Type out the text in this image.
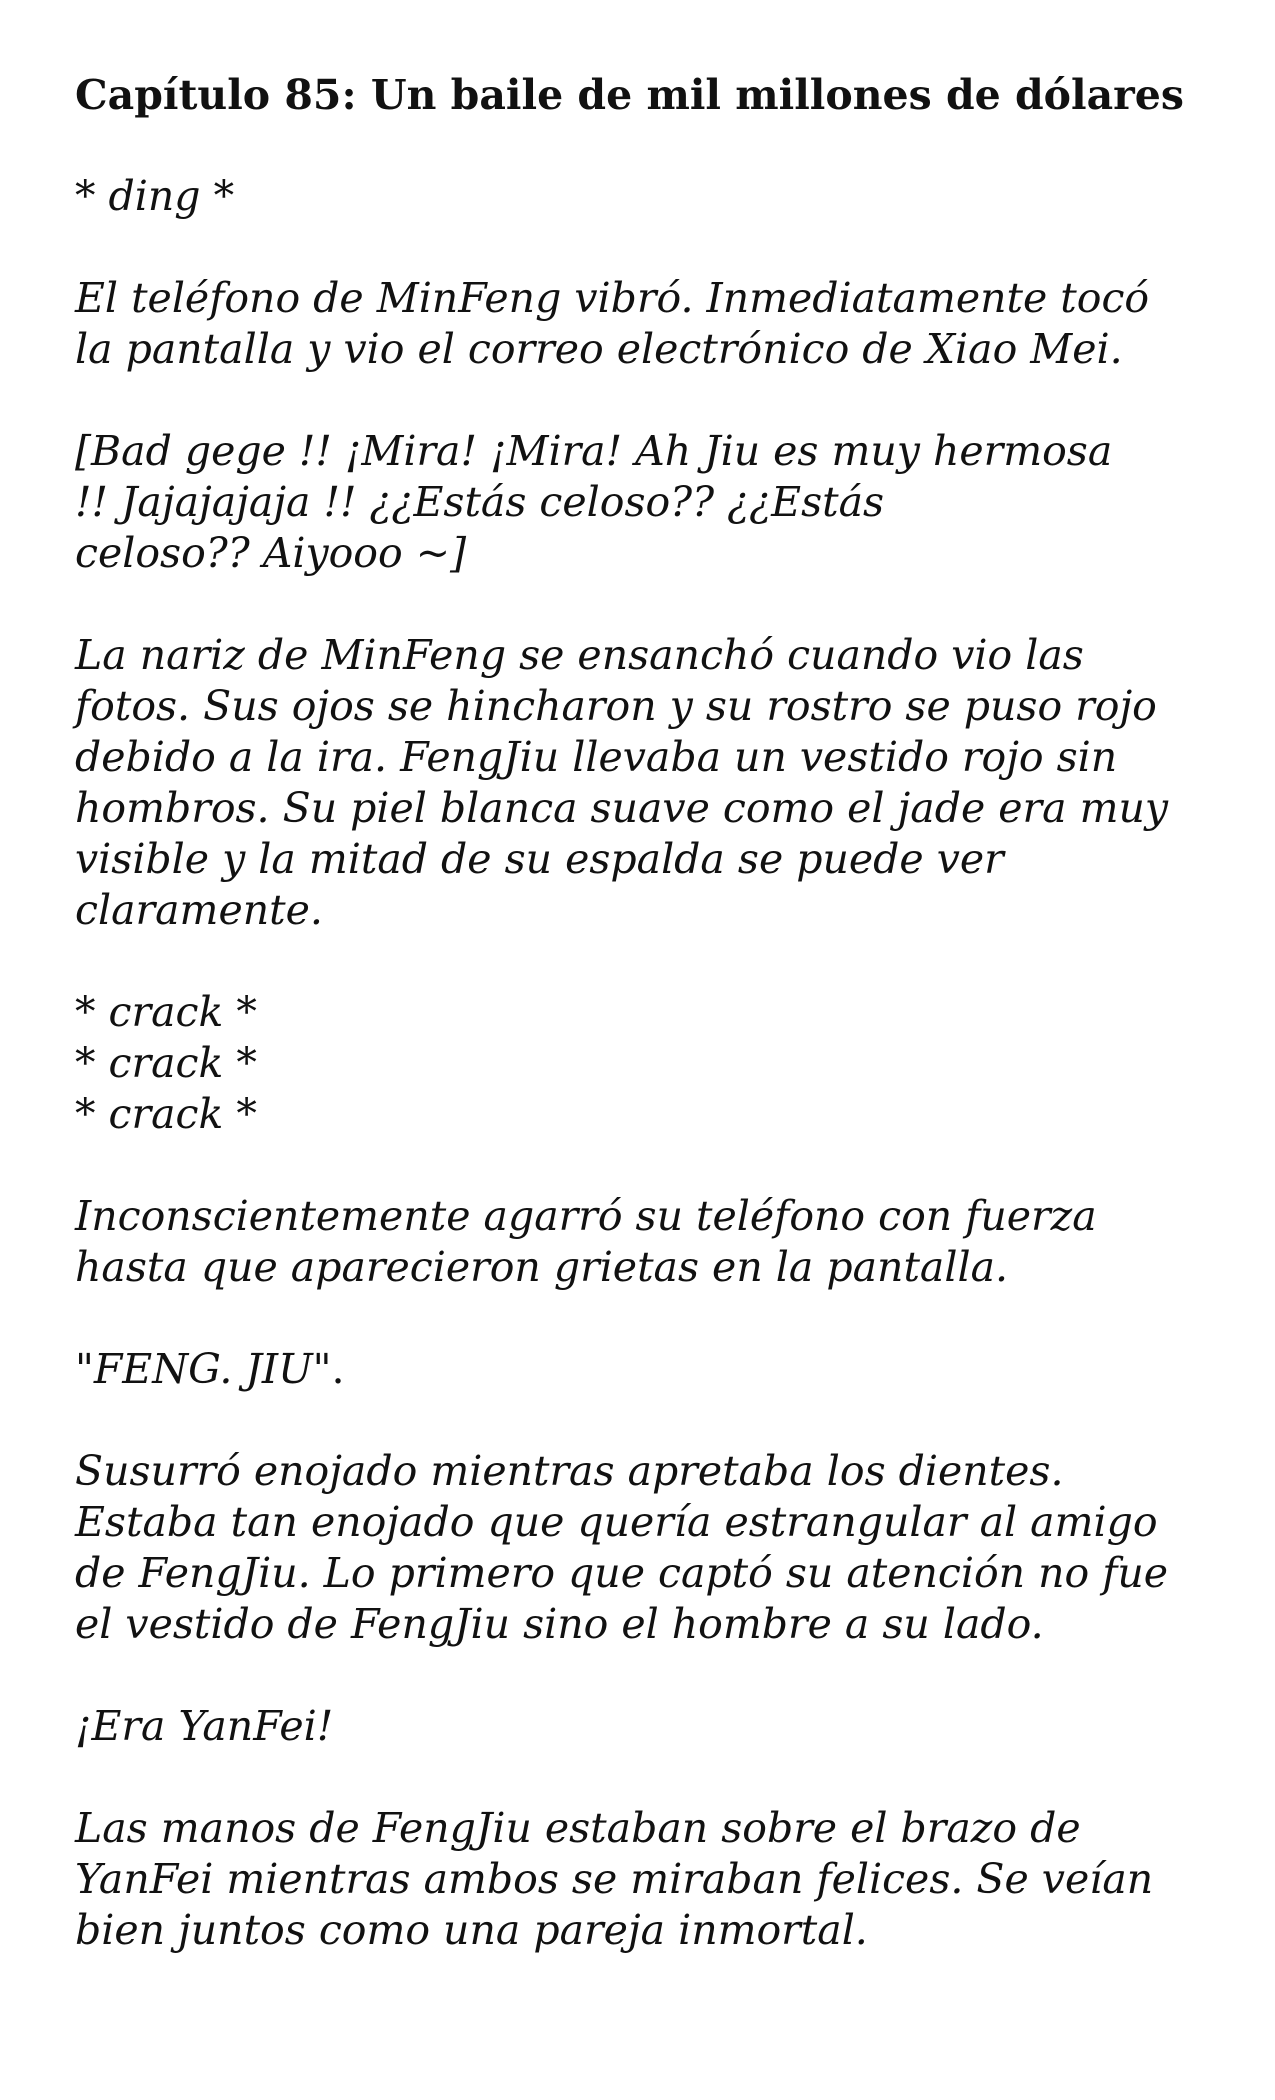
Capítulo 85: Un baile de mil millones de dólares

* ding *

El teléfono de MinFeng vibró. Inmediatamente tocó
la pantalla y vio el correo electrónico de Xiao Mei.

[Bad gege !! ¡Mira! ¡Mira! Ah Jiu es muy hermosa
!! Jajajajaja !! ¿¿Estás celoso?? ¿¿Estás
celoso?? Aiyooo ~]

La nariz de MinFeng se ensanchó cuando vio las
fotos. Sus ojos se hincharon y su rostro se puso rojo
debido a la ira. FengJiu llevaba un vestido rojo sin
hombros. Su piel blanca suave como el jade era muy
visible y la mitad de su espalda se puede ver
claramente.

* crack *
* crack *
* crack *

Inconscientemente agarró su teléfono con fuerza
hasta que aparecieron grietas en la pantalla.

"FENG. JIU".

Susurró enojado mientras apretaba los dientes.
Estaba tan enojado que quería estrangular al amigo
de FengJiu. Lo primero que captó su atención no fue
el vestido de FengJiu sino el hombre a su lado.

¡Era YanFei!

Las manos de FengJiu estaban sobre el brazo de
YanFei mientras ambos se miraban felices. Se veían
bien juntos como una pareja inmortal.
